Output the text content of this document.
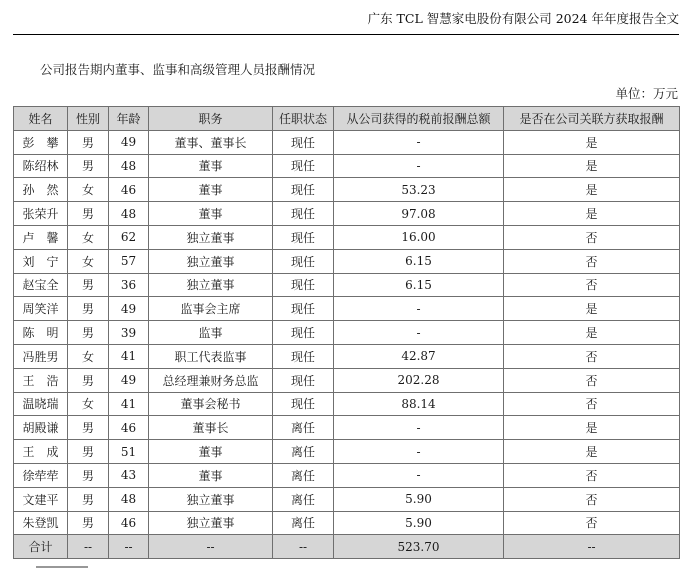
广东 TCL 智慧家电股份有限公司 2024 年年度报告全文
公司报告期内董事、监事和高级管理人员报酬情况
单位：万元
姓名	性别	年龄	职务	任职状态	从公司获得的税前报酬总额	是否在公司关联方获取报酬
彭　攀	男	49	董事、董事长	现任	-	是
陈绍林	男	48	董事	现任	-	是
孙　然	女	46	董事	现任	53.23	是
张荣升	男	48	董事	现任	97.08	是
卢　馨	女	62	独立董事	现任	16.00	否
刘　宁	女	57	独立董事	现任	6.15	否
赵宝全	男	36	独立董事	现任	6.15	否
周笑洋	男	49	监事会主席	现任	-	是
陈　明	男	39	监事	现任	-	是
冯胜男	女	41	职工代表监事	现任	42.87	否
王　浩	男	49	总经理兼财务总监	现任	202.28	否
温晓瑞	女	41	董事会秘书	现任	88.14	否
胡殿谦	男	46	董事长	离任	-	是
王　成	男	51	董事	离任	-	是
徐荦荦	男	43	董事	离任	-	否
文建平	男	48	独立董事	离任	5.90	否
朱登凯	男	46	独立董事	离任	5.90	否
合计	--	--	--	--	523.70	--
